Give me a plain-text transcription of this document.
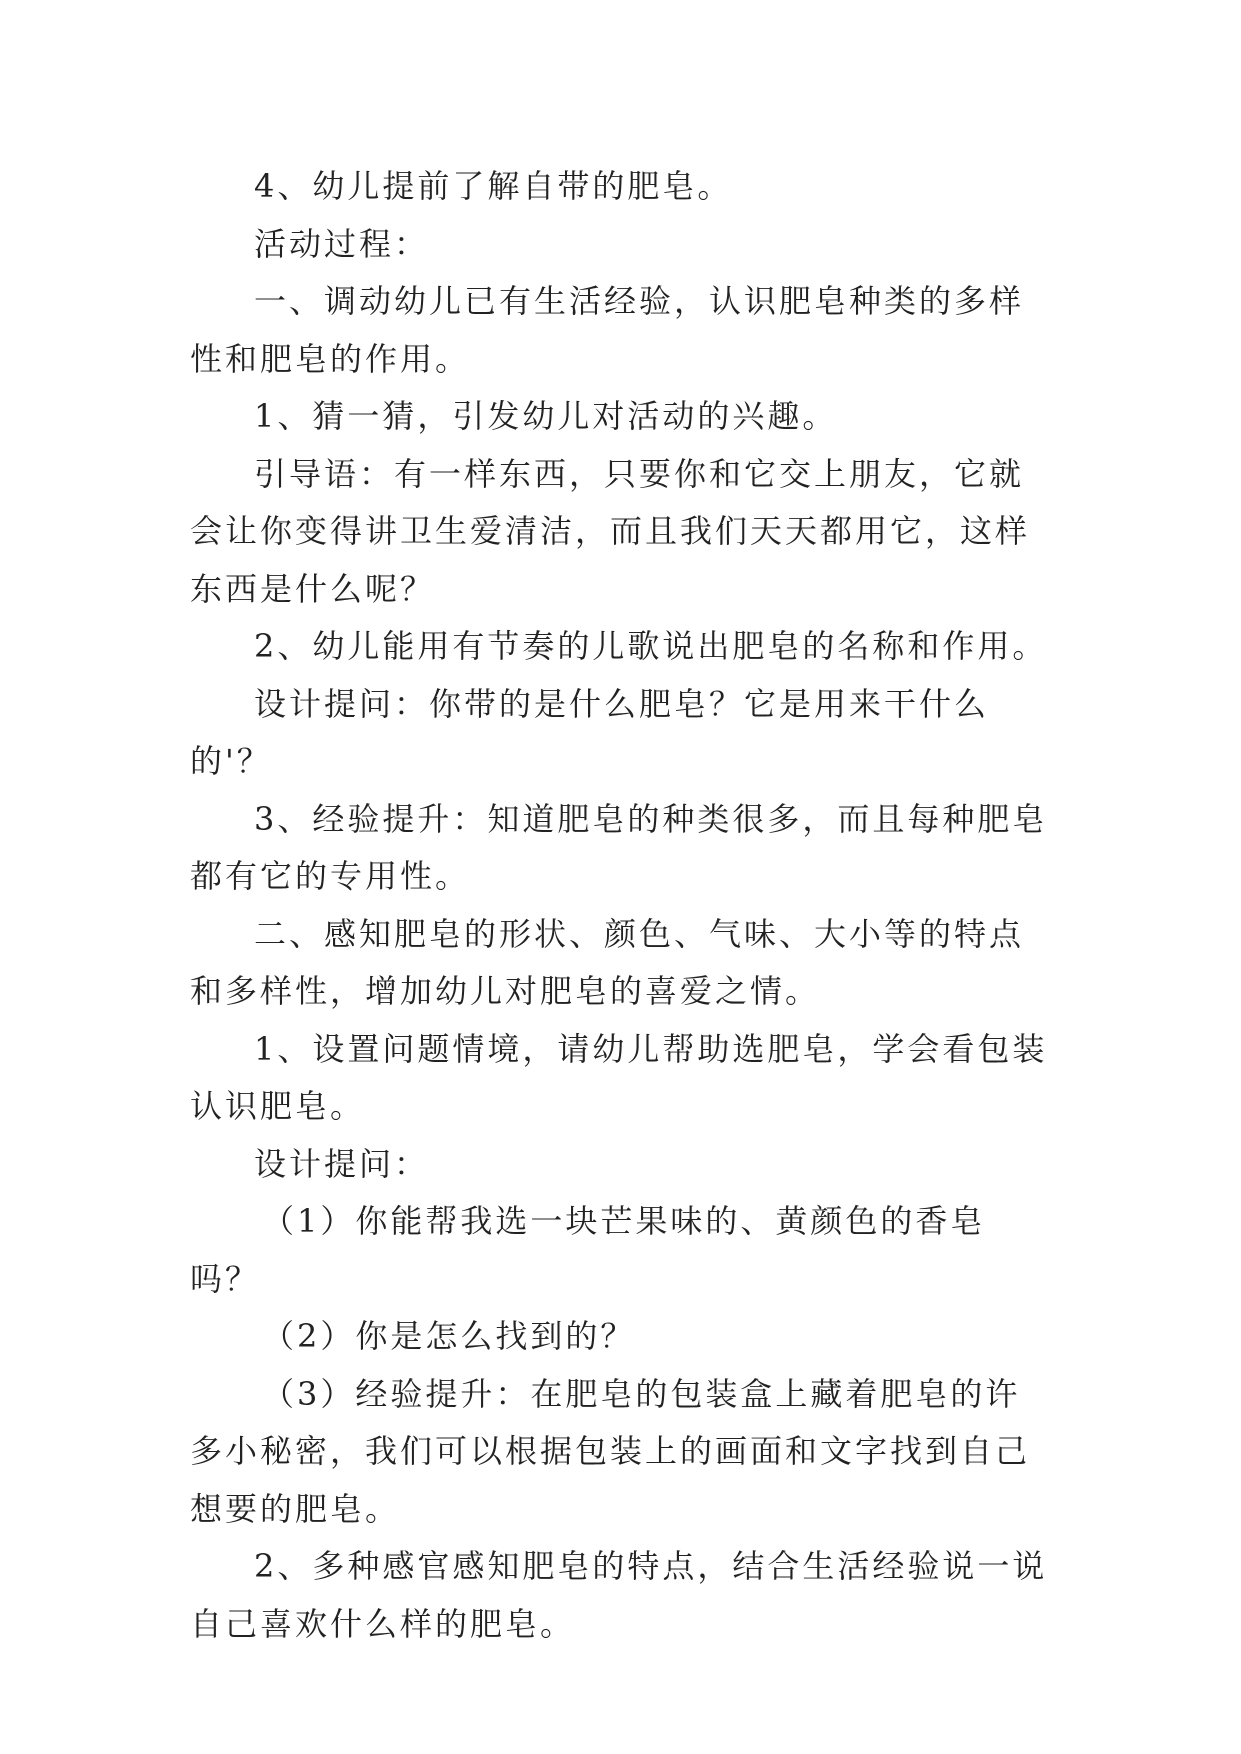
4、幼儿提前了解自带的肥皂。

活动过程：

一、调动幼儿已有生活经验，认识肥皂种类的多样性和肥皂的作用。

1、猜一猜，引发幼儿对活动的兴趣。

引导语：有一样东西，只要你和它交上朋友，它就会让你变得讲卫生爱清洁，而且我们天天都用它，这样东西是什么呢？

2、幼儿能用有节奏的儿歌说出肥皂的名称和作用。

设计提问：你带的是什么肥皂？它是用来干什么的'？

3、经验提升：知道肥皂的种类很多，而且每种肥皂都有它的专用性。

二、感知肥皂的形状、颜色、气味、大小等的特点和多样性，增加幼儿对肥皂的喜爱之情。

1、设置问题情境，请幼儿帮助选肥皂，学会看包装认识肥皂。

设计提问：

（1）你能帮我选一块芒果味的、黄颜色的香皂吗？

（2）你是怎么找到的？

（3）经验提升：在肥皂的包装盒上藏着肥皂的许多小秘密，我们可以根据包装上的画面和文字找到自己想要的肥皂。

2、多种感官感知肥皂的特点，结合生活经验说一说自己喜欢什么样的肥皂。
